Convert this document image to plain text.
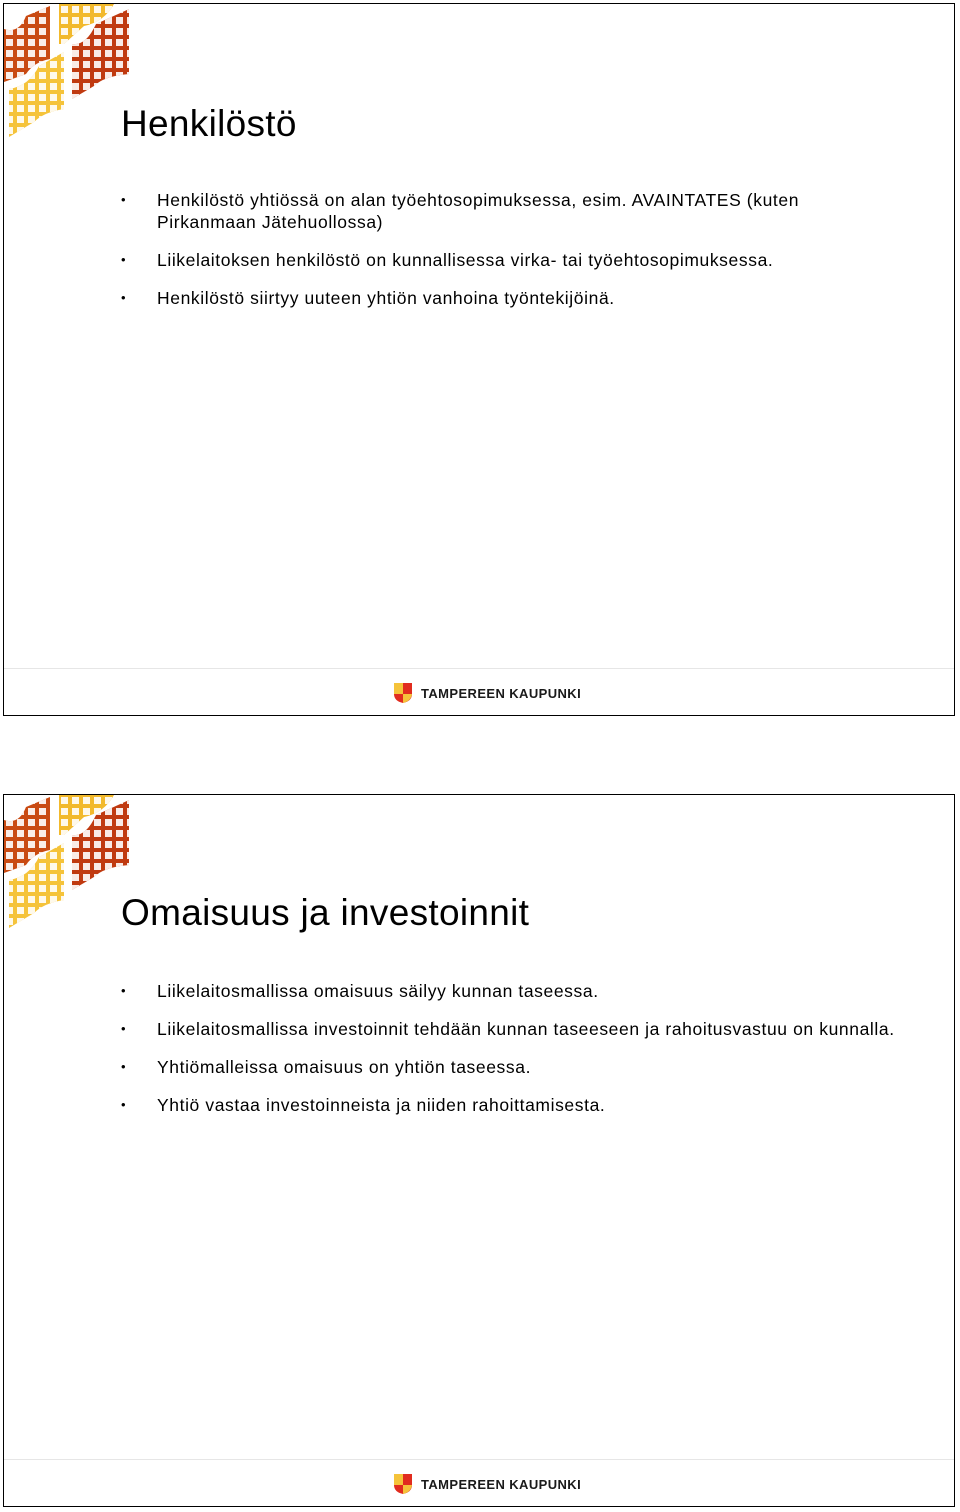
Henkilöstö
• Henkilöstö yhtiössä on alan työehtosopimuksessa, esim. AVAINTATES (kuten Pirkanmaan Jätehuollossa)
• Liikelaitoksen henkilöstö on kunnallisessa virka- tai työehtosopimuksessa.
• Henkilöstö siirtyy uuteen yhtiön vanhoina työntekijöinä.
TAMPEREEN KAUPUNKI
Omaisuus ja investoinnit
• Liikelaitosmallissa omaisuus säilyy kunnan taseessa.
• Liikelaitosmallissa investoinnit tehdään kunnan taseeseen ja rahoitusvastuu on kunnalla.
• Yhtiömalleissa omaisuus on yhtiön taseessa.
• Yhtiö vastaa investoinneista ja niiden rahoittamisesta.
TAMPEREEN KAUPUNKI
